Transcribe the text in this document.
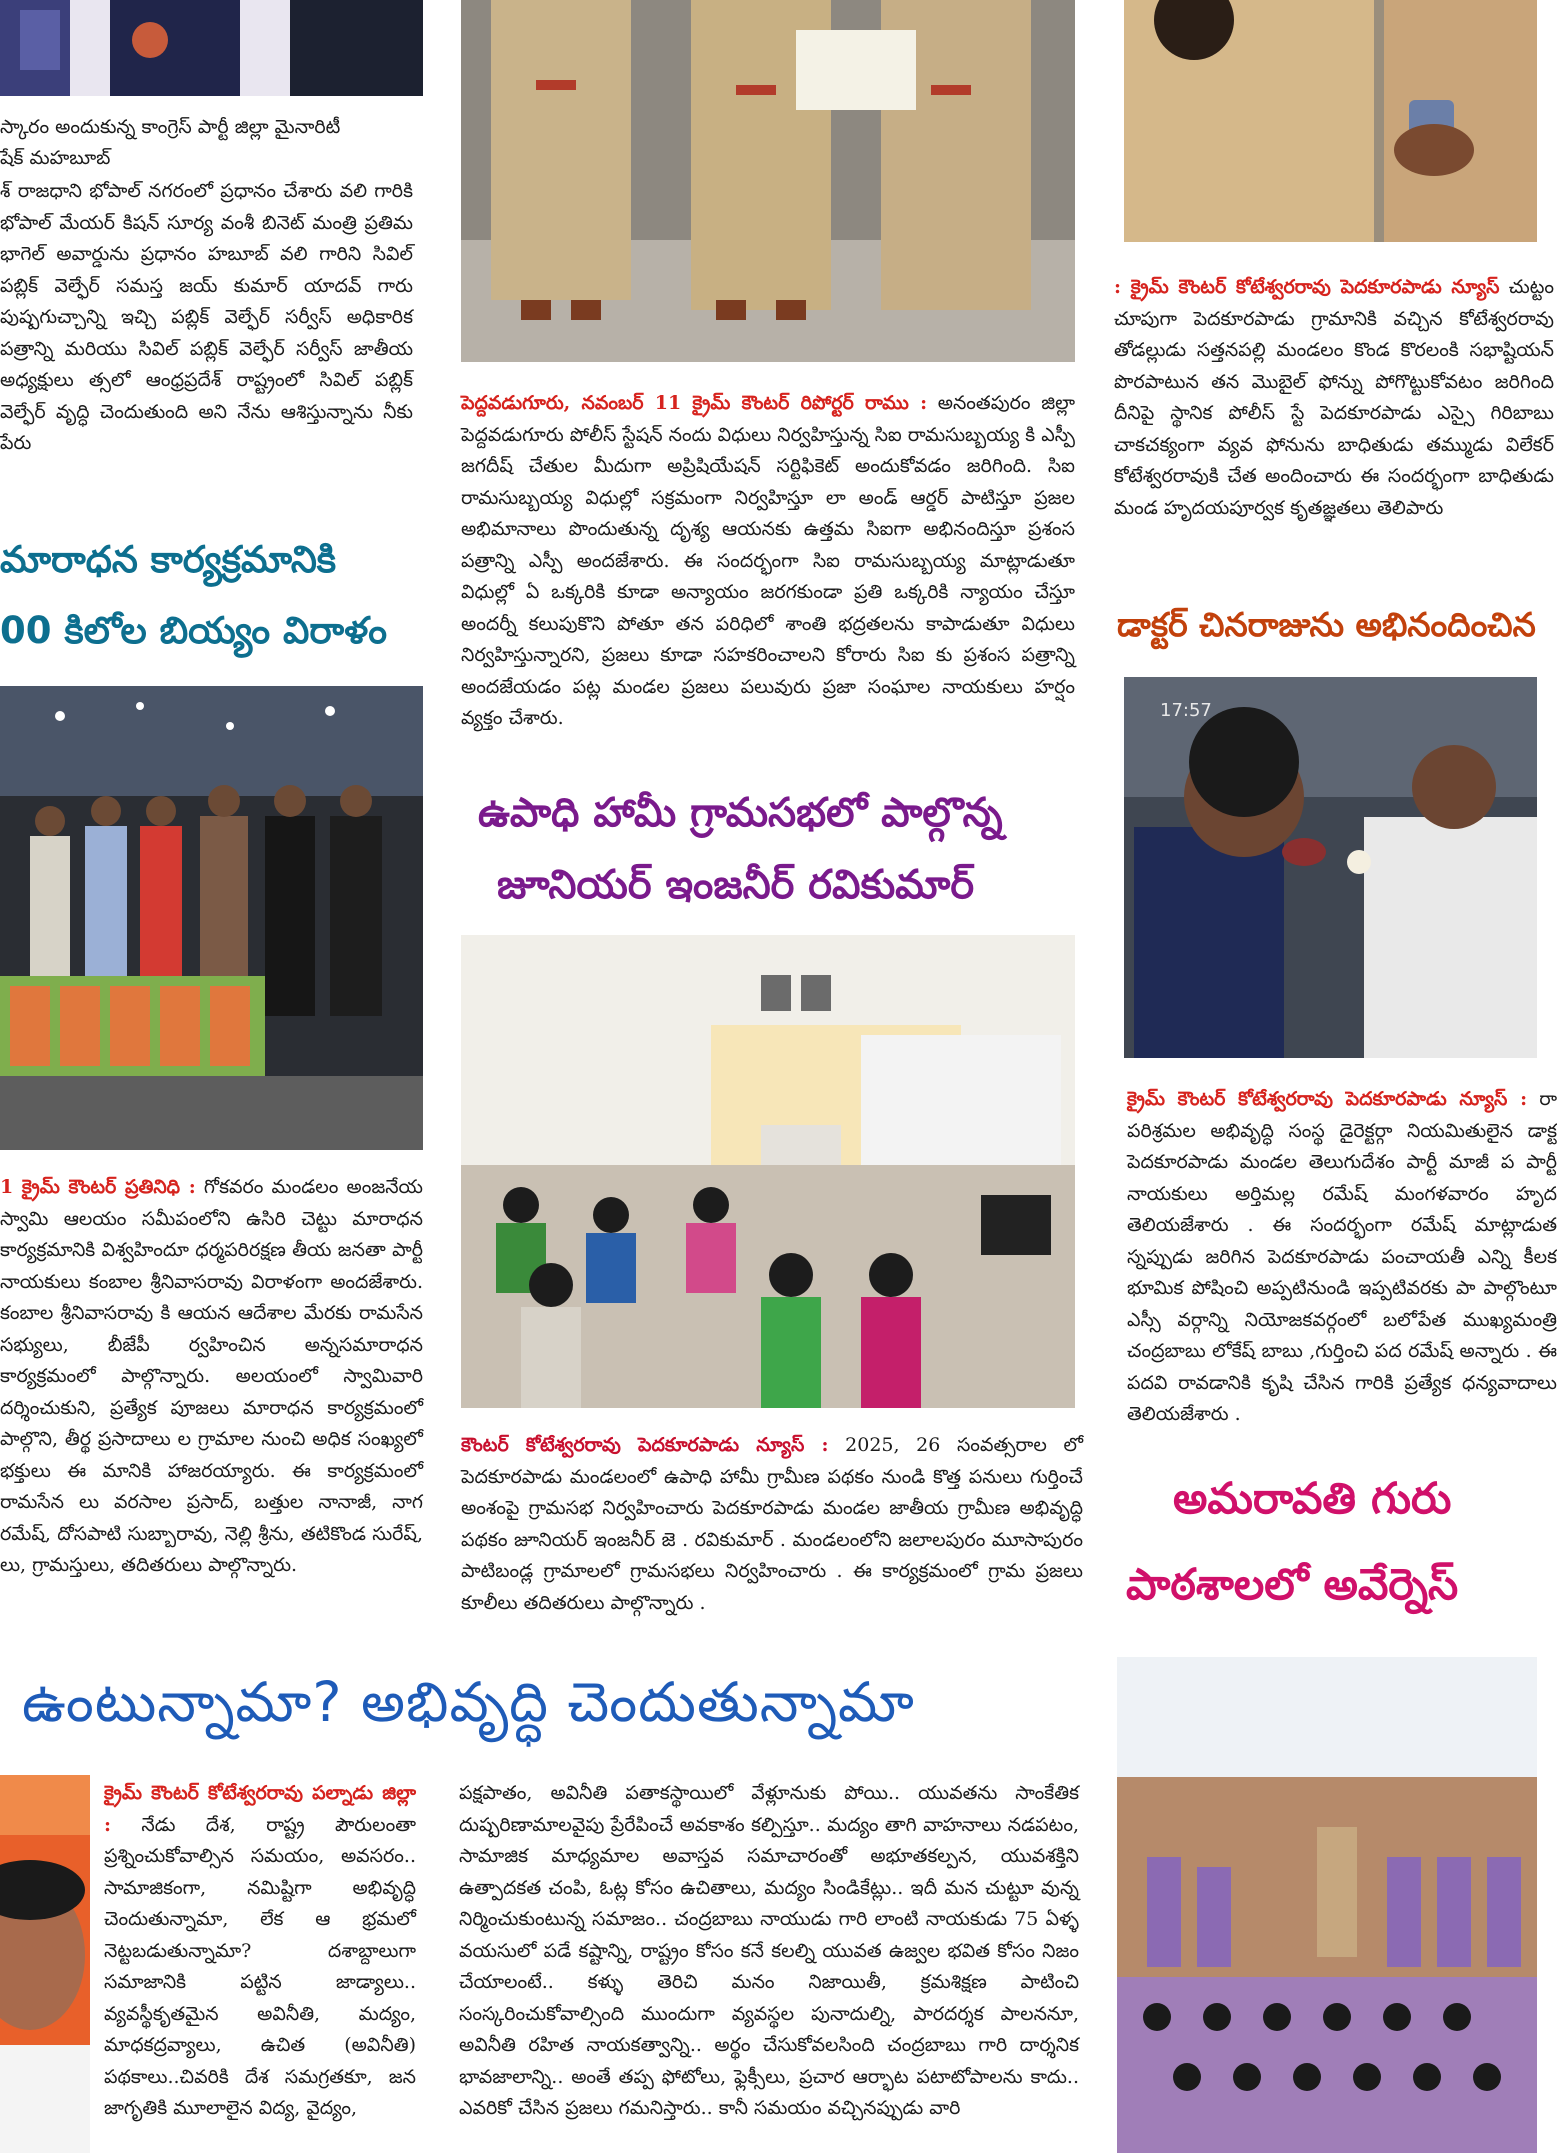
స్కారం అందుకున్న కాంగ్రెస్ పార్టీ జిల్లా మైనారిటీ
షేక్ మహబూబ్

శ్ రాజధాని భోపాల్ నగరంలో ప్రధానం చేశారు వలి గారికి భోపాల్ మేయర్ కిషన్ సూర్య వంశీ బినెట్ మంత్రి ప్రతిమ భాగెల్ అవార్డును ప్రధానం హబూబ్ వలి గారిని సివిల్ పబ్లిక్ వెల్ఫేర్ సమస్త జయ్ కుమార్ యాదవ్ గారు పుష్పగుచ్చాన్ని ఇచ్చి పబ్లిక్ వెల్ఫేర్ సర్వీస్ అధికారిక పత్రాన్ని మరియు సివిల్ పబ్లిక్ వెల్ఫేర్ సర్వీస్ జాతీయ అధ్యక్షులు త్సలో ఆంధ్రప్రదేశ్ రాష్ట్రంలో సివిల్ పబ్లిక్ వెల్ఫేర్ వృద్ధి చెందుతుంది అని నేను ఆశిస్తున్నాను నీకు పేరు

మారాధన కార్యక్రమానికి

00 కిలోల బియ్యం విరాళం

1 క్రైమ్ కౌంటర్ ప్రతినిధి : గోకవరం మండలం అంజనేయ స్వామి ఆలయం సమీపంలోని ఉసిరి చెట్టు మారాధన కార్యక్రమానికి విశ్వహిందూ ధర్మపరిరక్షణ తీయ జనతా పార్టీ నాయకులు కంబాల శ్రీనివాసరావు విరాళంగా అందజేశారు. కంబాల శ్రీనివాసరావు కి ఆయన ఆదేశాల మేరకు రామసేన సభ్యులు, బీజేపీ ర్వహించిన అన్నసమారాధన కార్యక్రమంలో పాల్గొన్నారు. అలయంలో స్వామివారి దర్శించుకుని, ప్రత్యేక పూజలు మారాధన కార్యక్రమంలో పాల్గొని, తీర్థ ప్రసాదాలు ల గ్రామాల నుంచి అధిక సంఖ్యలో భక్తులు ఈ మానికి హాజరయ్యారు. ఈ కార్యక్రమంలో రామసేన లు వరసాల ప్రసాద్, బత్తుల నానాజీ, నాగ రమేష్, దోసపాటి సుబ్బారావు, నెల్లి శ్రీను, తటికొండ సురేష్, లు, గ్రామస్తులు, తదితరులు పాల్గొన్నారు.

పెద్దవడుగూరు, నవంబర్ 11 క్రైమ్ కౌంటర్ రిపోర్టర్ రాము : అనంతపురం జిల్లా పెద్దవడుగూరు పోలీస్ స్టేషన్ నందు విధులు నిర్వహిస్తున్న సిఐ రామసుబ్బయ్య కి ఎస్పీ జగదీష్ చేతుల మీదుగా అప్రిషియేషన్ సర్టిఫికెట్ అందుకోవడం జరిగింది. సిఐ రామసుబ్బయ్య విధుల్లో సక్రమంగా నిర్వహిస్తూ లా అండ్ ఆర్డర్ పాటిస్తూ ప్రజల అభిమానాలు పొందుతున్న దృశ్య ఆయనకు ఉత్తమ సిఐగా అభినందిస్తూ ప్రశంస పత్రాన్ని ఎస్పీ అందజేశారు. ఈ సందర్భంగా సిఐ రామసుబ్బయ్య మాట్లాడుతూ విధుల్లో ఏ ఒక్కరికి కూడా అన్యాయం జరగకుండా ప్రతి ఒక్కరికి న్యాయం చేస్తూ అందర్నీ కలుపుకొని పోతూ తన పరిధిలో శాంతి భద్రతలను కాపాడుతూ విధులు నిర్వహిస్తున్నారని, ప్రజలు కూడా సహకరించాలని కోరారు సిఐ కు ప్రశంస పత్రాన్ని అందజేయడం పట్ల మండల ప్రజలు పలువురు ప్రజా సంఘాల నాయకులు హర్షం వ్యక్తం చేశారు.

ఉపాధి హామీ గ్రామసభలో పాల్గొన్న

జూనియర్ ఇంజనీర్ రవికుమార్

కౌంటర్ కోటేశ్వరరావు పెదకూరపాడు న్యూస్ : 2025, 26 సంవత్సరాల లో పెదకూరపాడు మండలంలో ఉపాధి హామీ గ్రామీణ పథకం నుండి కొత్త పనులు గుర్తించే అంశంపై గ్రామసభ నిర్వహించారు పెదకూరపాడు మండల జాతీయ గ్రామీణ అభివృద్ధి పథకం జూనియర్ ఇంజనీర్ జె . రవికుమార్ . మండలంలోని జలాలపురం మూసాపురం పాటిబండ్ల గ్రామాలలో గ్రామసభలు నిర్వహించారు . ఈ కార్యక్రమంలో గ్రామ ప్రజలు కూలీలు తదితరులు పాల్గొన్నారు .

: క్రైమ్ కౌంటర్ కోటేశ్వరరావు పెదకూరపాడు న్యూస్ చుట్టం చూపుగా పెదకూరపాడు గ్రామానికి వచ్చిన కోటేశ్వరరావు తోడల్లుడు సత్తనపల్లి మండలం కొండ కొరలంకి సభాష్టియన్ పొరపాటున తన మొబైల్ ఫోన్ను పోగొట్టుకోవటం జరిగింది దీనిపై స్థానిక పోలీస్ స్టే పెదకూరపాడు ఎస్సై గిరిబాబు చాకచక్యంగా వ్యవ ఫోనును బాధితుడు తమ్ముడు విలేకర్ కోటేశ్వరరావుకి చేత అందించారు ఈ సందర్భంగా బాధితుడు మండ హృదయపూర్వక కృతజ్ఞతలు తెలిపారు

డాక్టర్ చినరాజును అభినందించిన

17:57

క్రైమ్ కౌంటర్ కోటేశ్వరరావు పెదకూరపాడు న్యూస్ : రా పరిశ్రమల అభివృద్ధి సంస్థ డైరెక్టర్గా నియమితులైన డాక్ట పెదకూరపాడు మండల తెలుగుదేశం పార్టీ మాజీ ప పార్టీ నాయకులు అర్తిమల్ల రమేష్ మంగళవారం హృద తెలియజేశారు . ఈ సందర్భంగా రమేష్ మాట్లాడుత స్నప్పుడు జరిగిన పెదకూరపాడు పంచాయతీ ఎన్ని కీలక భూమిక పోషించి అప్పటినుండి ఇప్పటివరకు పా పాల్గొంటూ ఎస్సీ వర్గాన్ని నియోజకవర్గంలో బలోపేత ముఖ్యమంత్రి చంద్రబాబు లోకేష్ బాబు ,గుర్తించి పద రమేష్ అన్నారు . ఈ పదవి రావడానికి కృషి చేసిన గారికి ప్రత్యేక ధన్యవాదాలు తెలియజేశారు .

అమరావతి గురు

పాఠశాలలో అవేర్నెస్

ఉంటున్నామా? అభివృద్ధి చెందుతున్నామా

క్రైమ్ కౌంటర్ కోటేశ్వరరావు పల్నాడు జిల్లా : నేడు దేశ, రాష్ట్ర పౌరులంతా ప్రశ్నించుకోవాల్సిన సమయం, అవసరం.. సామాజికంగా, నమిష్టిగా అభివృద్ధి చెందుతున్నామా, లేక ఆ భ్రమలో నెట్టబడుతున్నామా? దశాబ్దాలుగా సమాజానికి పట్టిన జాడ్యాలు.. వ్యవస్థీకృతమైన అవినీతి, మద్యం, మాధకద్రవ్యాలు, ఉచిత (అవినీతి) పథకాలు..చివరికి దేశ సమగ్రతకూ, జన జాగృతికి మూలాలైన విద్య, వైద్యం,

పక్షపాతం, అవినీతి పతాకస్థాయిలో వేళ్లూనుకు పోయి.. యువతను సాంకేతిక దుష్పరిణామాలవైపు ప్రేరేపించే అవకాశం కల్పిస్తూ.. మద్యం తాగి వాహనాలు నడపటం, సామాజిక మాధ్యమాల అవాస్తవ సమాచారంతో అభూతకల్పన, యువశక్తిని ఉత్పాదకత చంపి, ఓట్ల కోసం ఉచితాలు, మద్యం సిండికేట్లు.. ఇదీ మన చుట్టూ వున్న నిర్మించుకుంటున్న సమాజం.. చంద్రబాబు నాయుడు గారి లాంటి నాయకుడు 75 ఏళ్ళ వయసులో పడే కష్టాన్ని, రాష్ట్రం కోసం కనే కలల్ని యువత ఉజ్వల భవిత కోసం నిజం చేయాలంటే.. కళ్ళు తెరిచి మనం నిజాయితీ, క్రమశిక్షణ పాటించి సంస్కరించుకోవాల్సింది ముందుగా వ్యవస్థల పునాదుల్ని, పారదర్శక పాలననూ, అవినీతి రహిత నాయకత్వాన్ని.. అర్థం చేసుకోవలసింది చంద్రబాబు గారి దార్శనిక భావజాలాన్ని.. అంతే తప్ప ఫోటోలు, ఫ్లెక్సీలు, ప్రచార ఆర్భాట పటాటోపాలను కాదు.. ఎవరికో చేసిన ప్రజలు గమనిస్తారు.. కానీ సమయం వచ్చినప్పుడు వారి
